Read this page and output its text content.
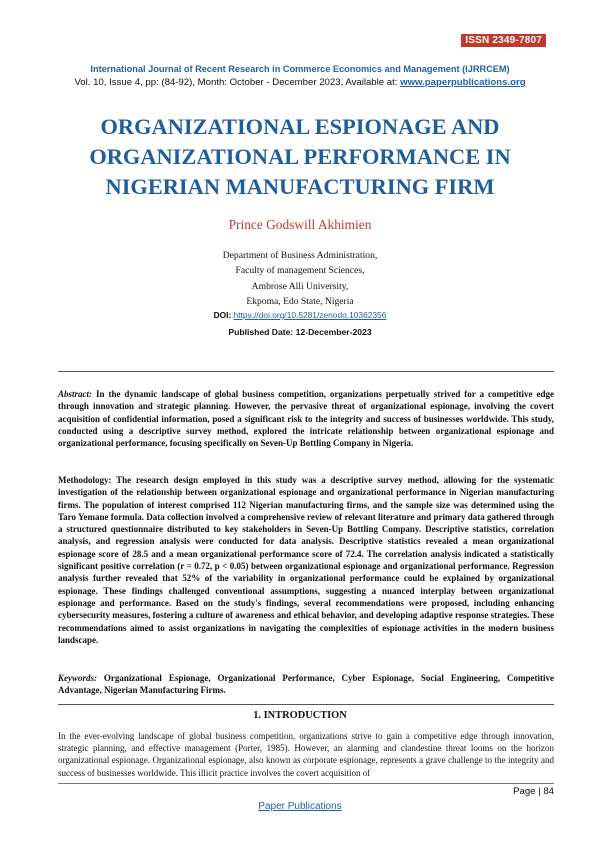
ISSN 2349-7807
International Journal of Recent Research in Commerce Economics and Management (IJRRCEM)
Vol. 10, Issue 4, pp: (84-92), Month: October - December 2023, Available at: www.paperpublications.org
ORGANIZATIONAL ESPIONAGE AND ORGANIZATIONAL PERFORMANCE IN NIGERIAN MANUFACTURING FIRM
Prince Godswill Akhimien
Department of Business Administration,
Faculty of management Sciences,
Ambrose Alli University,
Ekpoma, Edo State, Nigeria
DOI: https://doi.org/10.5281/zenodo.10362356
Published Date: 12-December-2023
Abstract: In the dynamic landscape of global business competition, organizations perpetually strived for a competitive edge through innovation and strategic planning. However, the pervasive threat of organizational espionage, involving the covert acquisition of confidential information, posed a significant risk to the integrity and success of businesses worldwide. This study, conducted using a descriptive survey method, explored the intricate relationship between organizational espionage and organizational performance, focusing specifically on Seven-Up Bottling Company in Nigeria.
Methodology: The research design employed in this study was a descriptive survey method, allowing for the systematic investigation of the relationship between organizational espionage and organizational performance in Nigerian manufacturing firms. The population of interest comprised 112 Nigerian manufacturing firms, and the sample size was determined using the Taro Yemane formula. Data collection involved a comprehensive review of relevant literature and primary data gathered through a structured questionnaire distributed to key stakeholders in Seven-Up Bottling Company. Descriptive statistics, correlation analysis, and regression analysis were conducted for data analysis. Descriptive statistics revealed a mean organizational espionage score of 28.5 and a mean organizational performance score of 72.4. The correlation analysis indicated a statistically significant positive correlation (r = 0.72, p < 0.05) between organizational espionage and organizational performance. Regression analysis further revealed that 52% of the variability in organizational performance could be explained by organizational espionage. These findings challenged conventional assumptions, suggesting a nuanced interplay between organizational espionage and performance. Based on the study's findings, several recommendations were proposed, including enhancing cybersecurity measures, fostering a culture of awareness and ethical behavior, and developing adaptive response strategies. These recommendations aimed to assist organizations in navigating the complexities of espionage activities in the modern business landscape.
Keywords: Organizational Espionage, Organizational Performance, Cyber Espionage, Social Engineering, Competitive Advantage, Nigerian Manufacturing Firms.
1. INTRODUCTION
In the ever-evolving landscape of global business competition, organizations strive to gain a competitive edge through innovation, strategic planning, and effective management (Porter, 1985). However, an alarming and clandestine threat looms on the horizon organizational espionage. Organizational espionage, also known as corporate espionage, represents a grave challenge to the integrity and success of businesses worldwide. This illicit practice involves the covert acquisition of
Page | 84
Paper Publications
